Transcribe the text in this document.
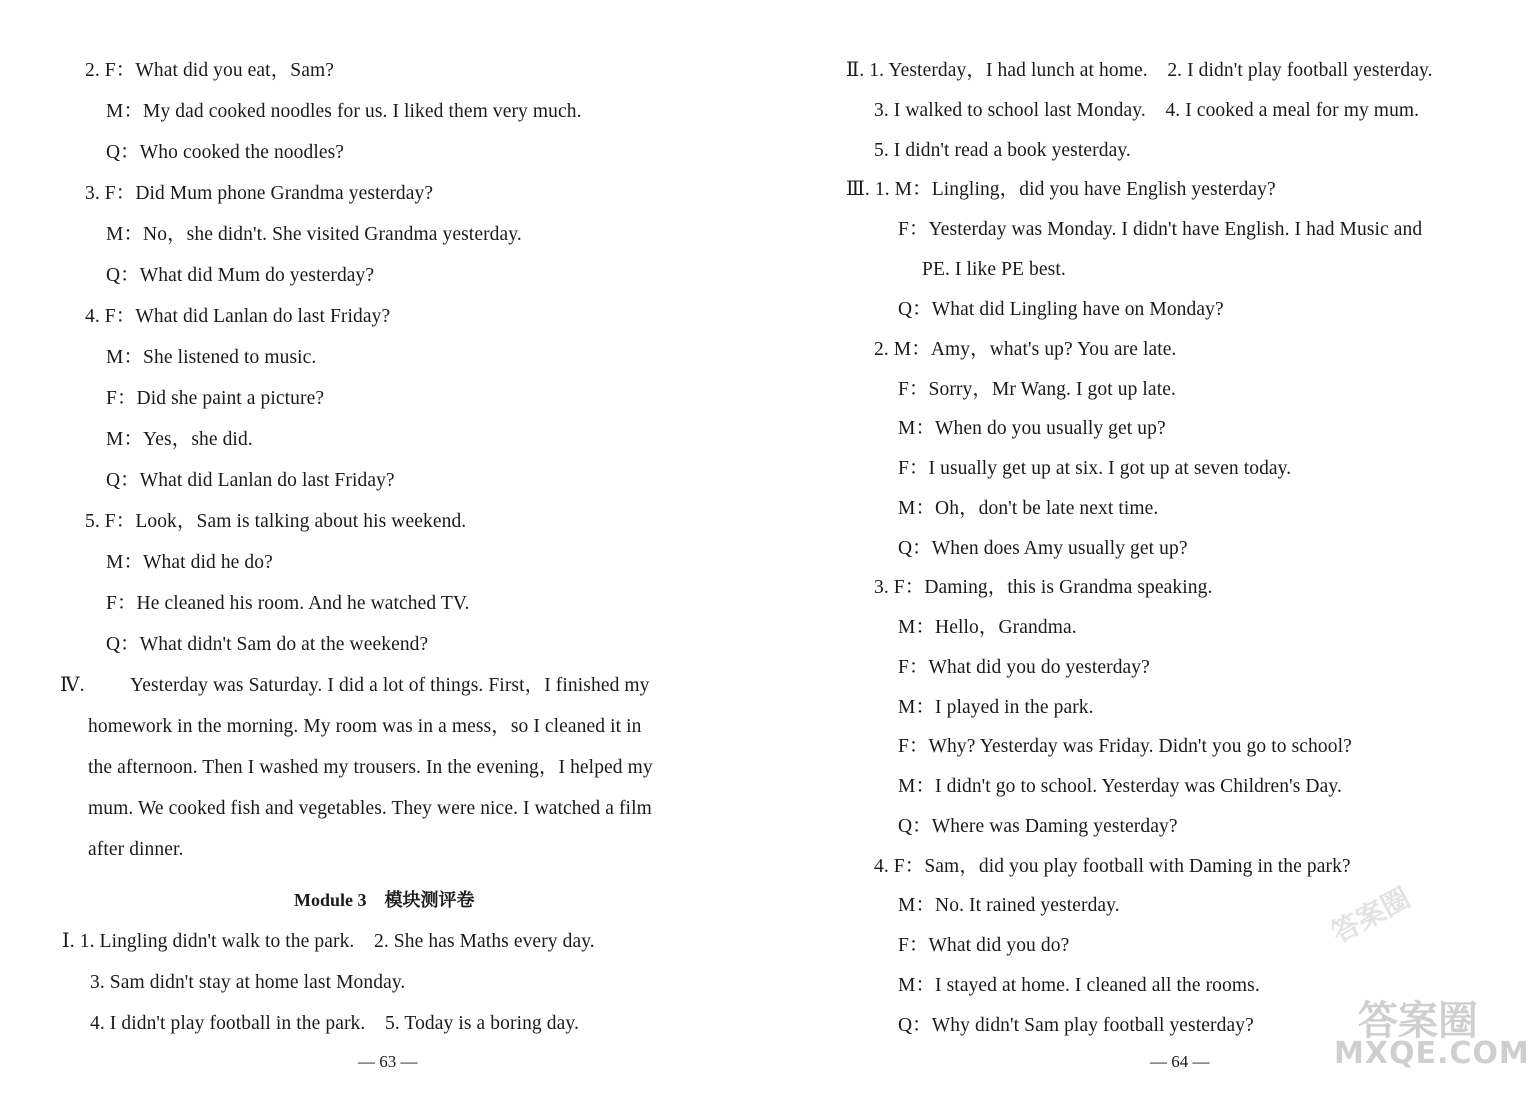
2. F：What did you eat，Sam?
M：My dad cooked noodles for us. I liked them very much.
Q：Who cooked the noodles?
3. F：Did Mum phone Grandma yesterday?
M：No，she didn't. She visited Grandma yesterday.
Q：What did Mum do yesterday?
4. F：What did Lanlan do last Friday?
M：She listened to music.
F：Did she paint a picture?
M：Yes，she did.
Q：What did Lanlan do last Friday?
5. F：Look，Sam is talking about his weekend.
M：What did he do?
F：He cleaned his room. And he watched TV.
Q：What didn't Sam do at the weekend?
Ⅳ. Yesterday was Saturday. I did a lot of things. First，I finished my
homework in the morning. My room was in a mess，so I cleaned it in
the afternoon. Then I washed my trousers. In the evening，I helped my
mum. We cooked fish and vegetables. They were nice. I watched a film
after dinner.
Module 3　模块测评卷
Ⅰ. 1. Lingling didn't walk to the park.　2. She has Maths every day.
3. Sam didn't stay at home last Monday.
4. I didn't play football in the park.　5. Today is a boring day.
— 63 —
Ⅱ. 1. Yesterday，I had lunch at home.　2. I didn't play football yesterday.
3. I walked to school last Monday.　4. I cooked a meal for my mum.
5. I didn't read a book yesterday.
Ⅲ. 1. M：Lingling，did you have English yesterday?
F：Yesterday was Monday. I didn't have English. I had Music and
PE. I like PE best.
Q：What did Lingling have on Monday?
2. M：Amy，what's up? You are late.
F：Sorry，Mr Wang. I got up late.
M：When do you usually get up?
F：I usually get up at six. I got up at seven today.
M：Oh，don't be late next time.
Q：When does Amy usually get up?
3. F：Daming，this is Grandma speaking.
M：Hello，Grandma.
F：What did you do yesterday?
M：I played in the park.
F：Why? Yesterday was Friday. Didn't you go to school?
M：I didn't go to school. Yesterday was Children's Day.
Q：Where was Daming yesterday?
4. F：Sam，did you play football with Daming in the park?
M：No. It rained yesterday.
F：What did you do?
M：I stayed at home. I cleaned all the rooms.
Q：Why didn't Sam play football yesterday?
— 64 —
答案圈
答案圈
MXQE.COM
